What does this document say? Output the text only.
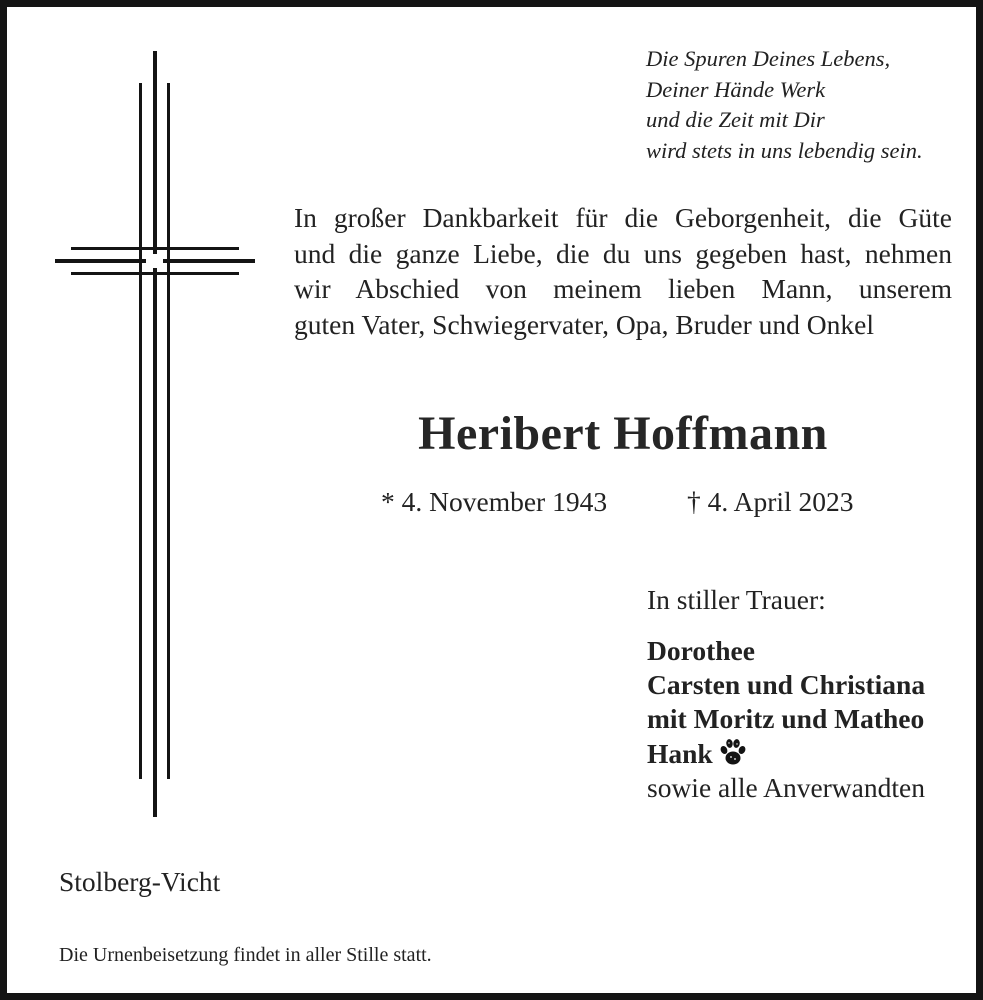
Die Spuren Deines Lebens,
Deiner Hände Werk
und die Zeit mit Dir
wird stets in uns lebendig sein.
In großer Dankbarkeit für die Geborgenheit, die Güte
und die ganze Liebe, die du uns gegeben hast, nehmen
wir Abschied von meinem lieben Mann, unserem
guten Vater, Schwiegervater, Opa, Bruder und Onkel
Heribert Hoffmann
* 4. November 1943	† 4. April 2023
In stiller Trauer:
Dorothee
Carsten und Christiana
mit Moritz und Matheo
Hank
sowie alle Anverwandten
Stolberg-Vicht
Die Urnenbeisetzung findet in aller Stille statt.
